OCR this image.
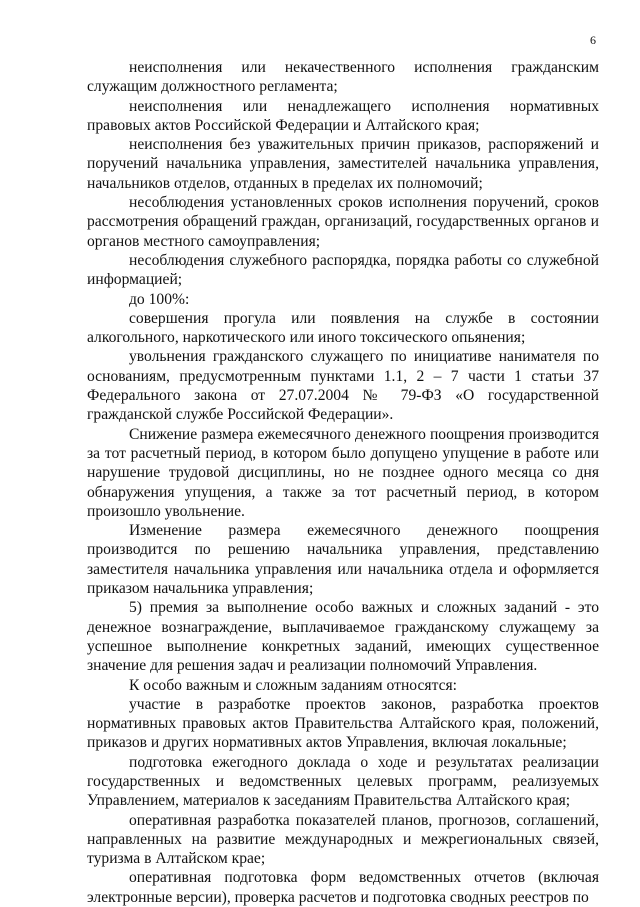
6

неисполнения или некачественного исполнения гражданским служащим должностного регламента;

неисполнения или ненадлежащего исполнения нормативных правовых актов Российской Федерации и Алтайского края;

неисполнения без уважительных причин приказов, распоряжений и поручений начальника управления, заместителей начальника управления, начальников отделов, отданных в пределах их полномочий;

несоблюдения установленных сроков исполнения поручений, сроков рассмотрения обращений граждан, организаций, государственных органов и органов местного самоуправления;

несоблюдения служебного распорядка, порядка работы со служебной информацией;

до 100%:

совершения прогула или появления на службе в состоянии алкогольного, наркотического или иного токсического опьянения;

увольнения гражданского служащего по инициативе нанимателя по основаниям, предусмотренным пунктами 1.1, 2 – 7 части 1 статьи 37 Федерального закона от 27.07.2004 № 79-ФЗ «О государственной гражданской службе Российской Федерации».

Снижение размера ежемесячного денежного поощрения производится за тот расчетный период, в котором было допущено упущение в работе или нарушение трудовой дисциплины, но не позднее одного месяца со дня обнаружения упущения, а также за тот расчетный период, в котором произошло увольнение.

Изменение размера ежемесячного денежного поощрения производится по решению начальника управления, представлению заместителя начальника управления или начальника отдела и оформляется приказом начальника управления;

5) премия за выполнение особо важных и сложных заданий - это денежное вознаграждение, выплачиваемое гражданскому служащему за успешное выполнение конкретных заданий, имеющих существенное значение для решения задач и реализации полномочий Управления.

К особо важным и сложным заданиям относятся:

участие в разработке проектов законов, разработка проектов нормативных правовых актов Правительства Алтайского края, положений, приказов и других нормативных актов Управления, включая локальные;

подготовка ежегодного доклада о ходе и результатах реализации государственных и ведомственных целевых программ, реализуемых Управлением, материалов к заседаниям Правительства Алтайского края;

оперативная разработка показателей планов, прогнозов, соглашений, направленных на развитие международных и межрегиональных связей, туризма в Алтайском крае;

оперативная подготовка форм ведомственных отчетов (включая электронные версии), проверка расчетов и подготовка сводных реестров по
